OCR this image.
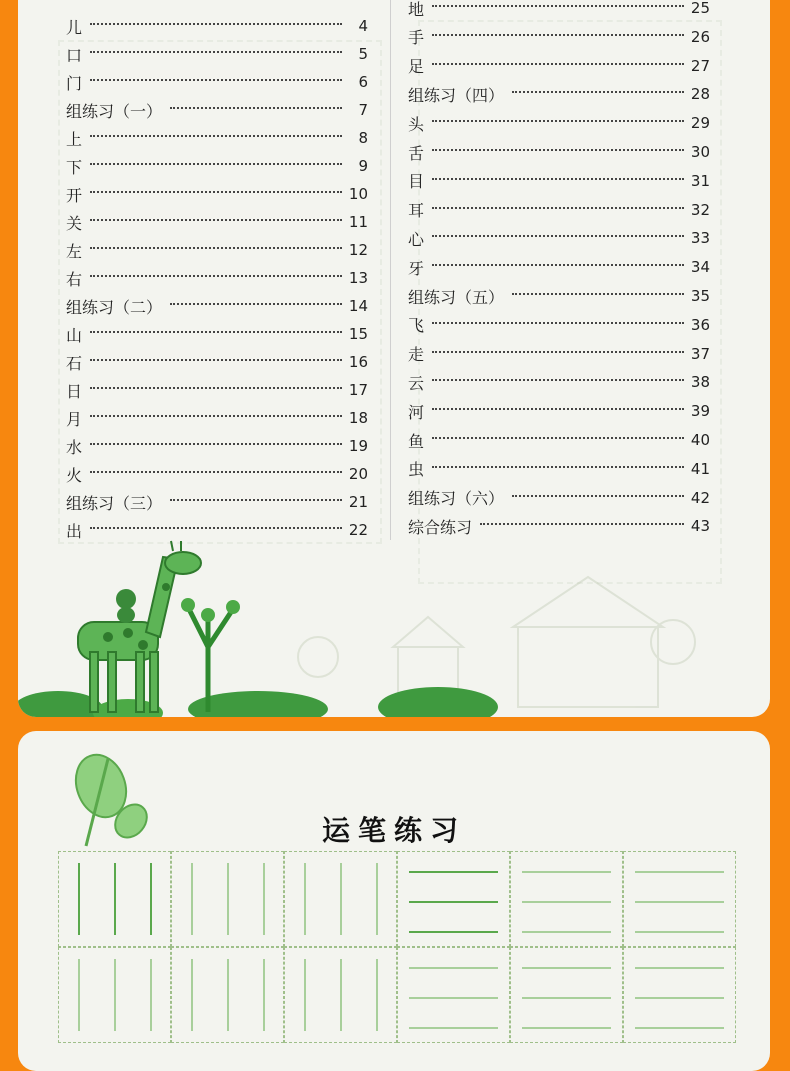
儿	4
口	5
门	6
组练习（一）	7
上	8
下	9
开	10
关	11
左	12
右	13
组练习（二）	14
山	15
石	16
日	17
月	18
水	19
火	20
组练习（三）	21
出	22
地	25
手	26
足	27
组练习（四）	28
头	29
舌	30
目	31
耳	32
心	33
牙	34
组练习（五）	35
飞	36
走	37
云	38
河	39
鱼	40
虫	41
组练习（六）	42
综合练习	43
运笔练习
